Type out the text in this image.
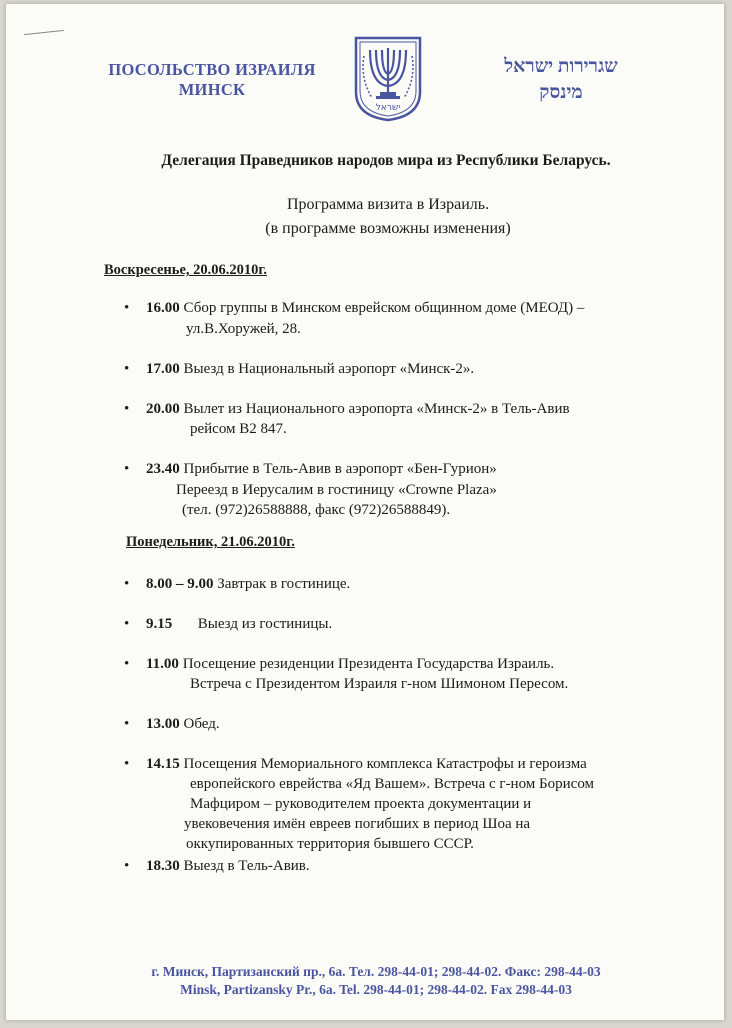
ПОСОЛЬСТВО ИЗРАИЛЯ
МИНСК
ישראל
שגרירות ישראל
מינסק
Делегация Праведников народов мира из Республики Беларусь.
Программа визита в Израиль.
(в программе возможны изменения)
Воскресенье, 20.06.2010г.
• 16.00 Сбор группы в Минском еврейском общинном доме (МЕОД) –
ул.В.Хоружей, 28.
• 17.00 Выезд в Национальный аэропорт «Минск-2».
• 20.00 Вылет из Национального аэропорта «Минск-2» в Тель-Авив
рейсом В2 847.
• 23.40 Прибытие в Тель-Авив в аэропорт «Бен-Гурион»
Переезд в Иерусалим в гостиницу «Crowne Plaza»
(тел. (972)26588888, факс (972)26588849).
Понедельник, 21.06.2010г.
• 8.00 – 9.00 Завтрак в гостинице.
• 9.15 Выезд из гостиницы.
• 11.00 Посещение резиденции Президента Государства Израиль.
Встреча с Президентом Израиля г-ном Шимоном Пересом.
• 13.00 Обед.
• 14.15 Посещения Мемориального комплекса Катастрофы и героизма
европейского еврейства «Яд Вашем». Встреча с г-ном Борисом
Мафциром – руководителем проекта документации и
увековечения имён евреев погибших в период Шоа на
оккупированных территория бывшего СССР.
• 18.30 Выезд в Тель-Авив.
г. Минск, Партизанский пр., 6а. Тел. 298-44-01; 298-44-02. Факс: 298-44-03
Minsk, Partizansky Pr., 6a. Tel. 298-44-01; 298-44-02. Fax 298-44-03
